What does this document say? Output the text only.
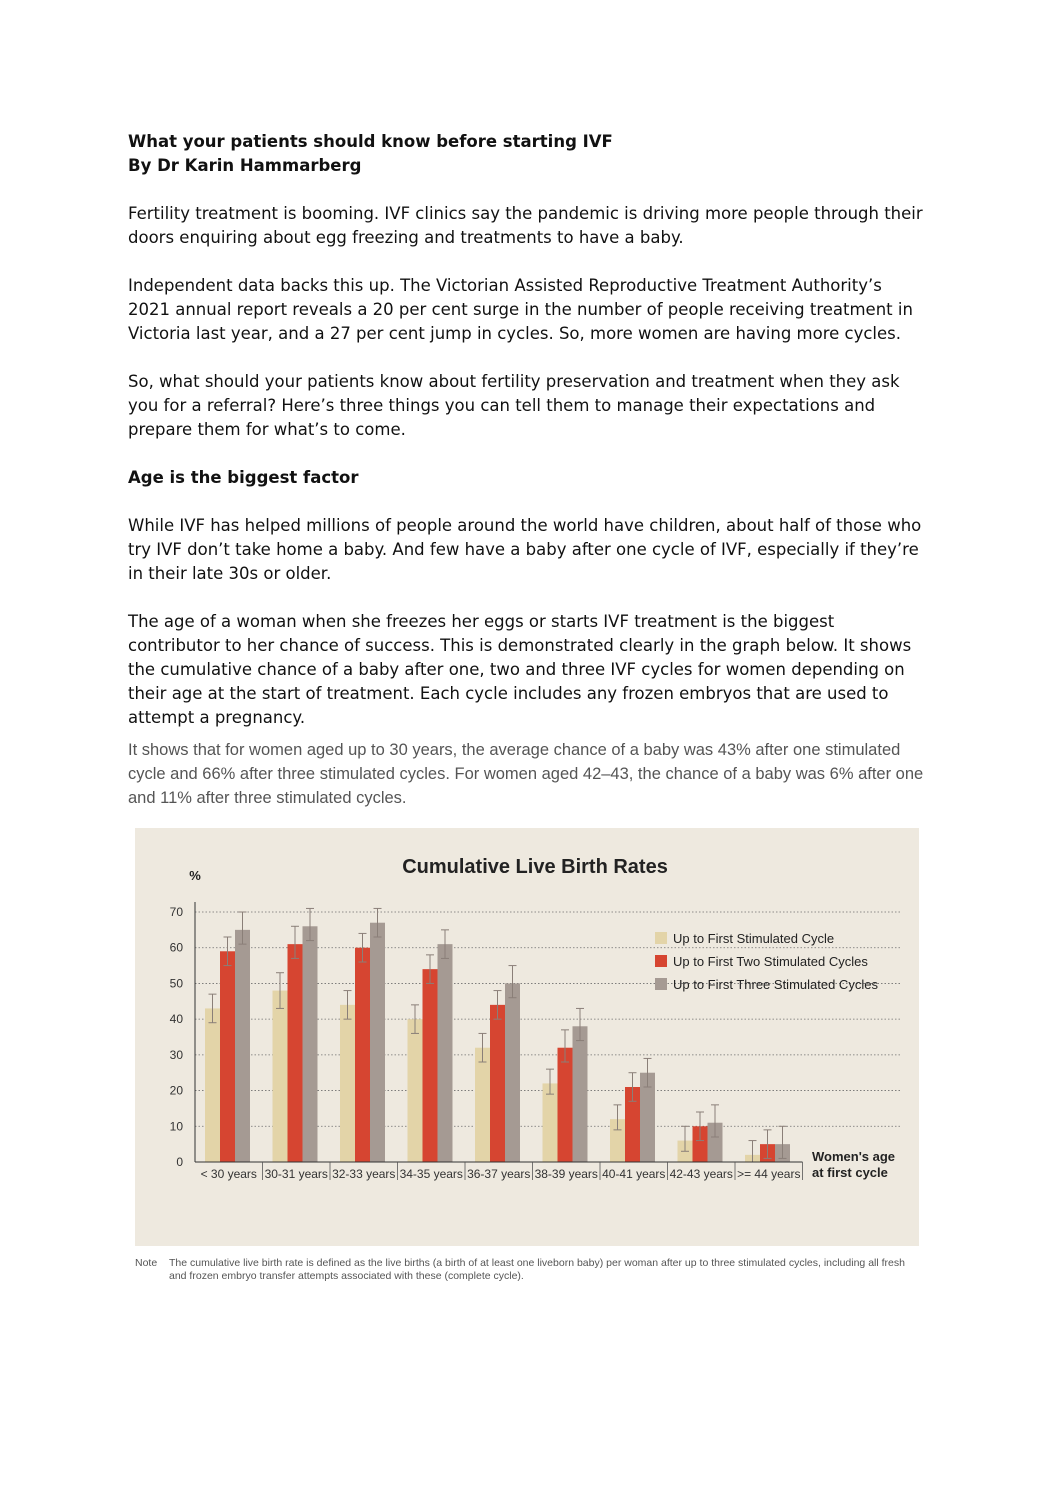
What your patients should know before starting IVF
By Dr Karin Hammarberg

Fertility treatment is booming. IVF clinics say the pandemic is driving more people through their doors enquiring about egg freezing and treatments to have a baby.

Independent data backs this up. The Victorian Assisted Reproductive Treatment Authority’s 2021 annual report reveals a 20 per cent surge in the number of people receiving treatment in Victoria last year, and a 27 per cent jump in cycles. So, more women are having more cycles.

So, what should your patients know about fertility preservation and treatment when they ask you for a referral? Here’s three things you can tell them to manage their expectations and prepare them for what’s to come.

Age is the biggest factor

While IVF has helped millions of people around the world have children, about half of those who try IVF don’t take home a baby. And few have a baby after one cycle of IVF, especially if they’re in their late 30s or older.

The age of a woman when she freezes her eggs or starts IVF treatment is the biggest contributor to her chance of success. This is demonstrated clearly in the graph below. It shows the cumulative chance of a baby after one, two and three IVF cycles for women depending on their age at the start of treatment. Each cycle includes any frozen embryos that are used to attempt a pregnancy.

It shows that for women aged up to 30 years, the average chance of a baby was 43% after one stimulated cycle and 66% after three stimulated cycles. For women aged 42–43, the chance of a baby was 6% after one and 11% after three stimulated cycles.

Cumulative Live Birth Rates
%
0
10
20
30
40
50
60
70
< 30 years 30-31 years 32-33 years 34-35 years 36-37 years 38-39 years 40-41 years 42-43 years >= 44 years
Up to First Stimulated Cycle
Up to First Two Stimulated Cycles
Up to First Three Stimulated Cycles
Women's age
at first cycle
Note	The cumulative live birth rate is defined as the live births (a birth of at least one liveborn baby) per woman after up to three stimulated cycles, including all fresh and frozen embryo transfer attempts associated with these (complete cycle).
